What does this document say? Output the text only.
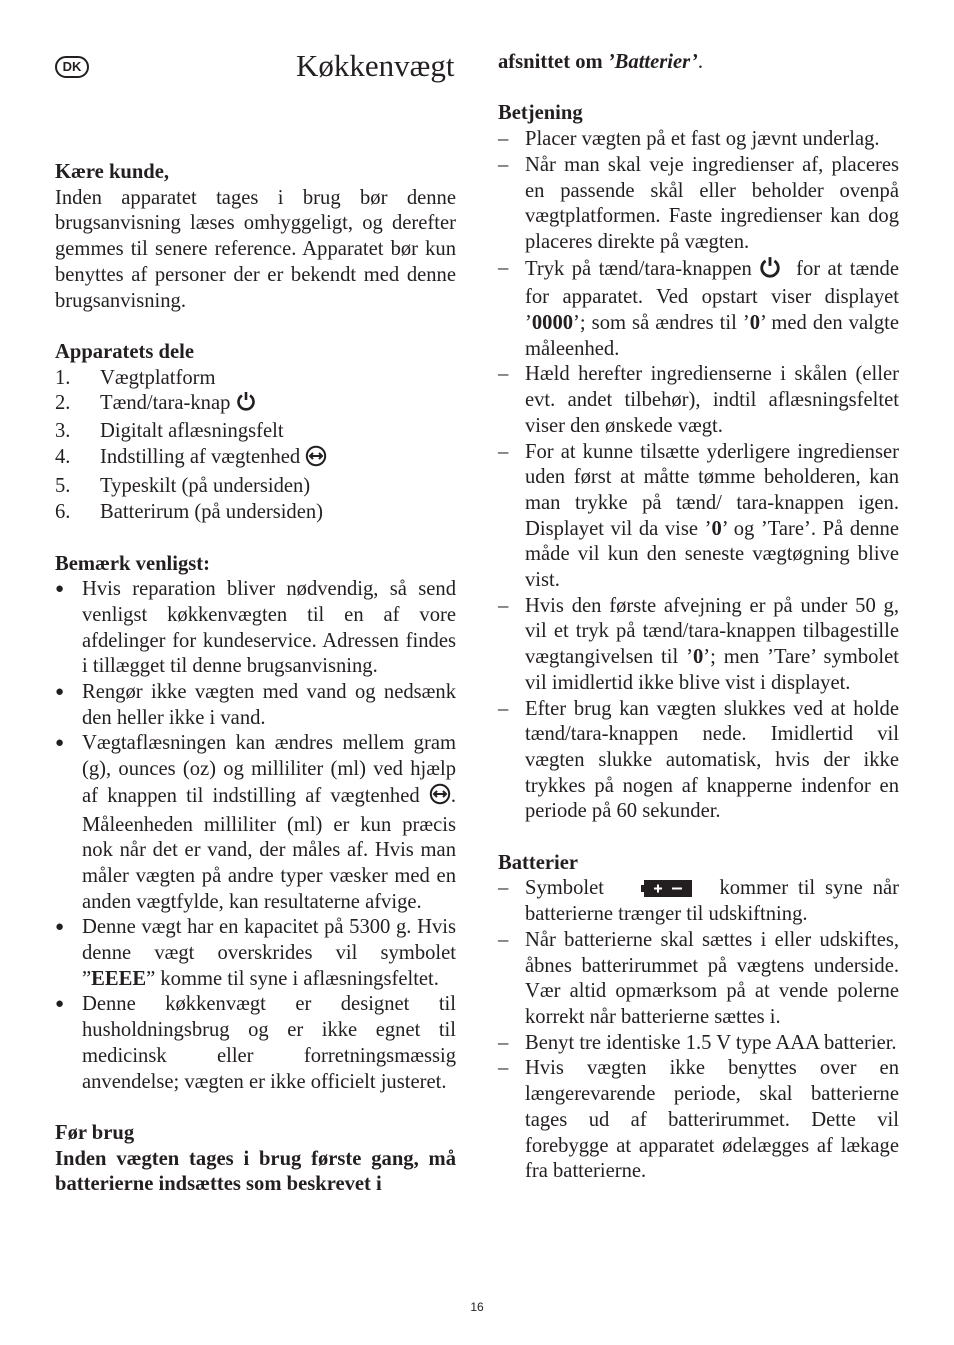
DK	Køkkenvægt

Kære kunde,

Inden apparatet tages i brug bør denne brugsanvisning læses omhyggeligt, og derefter gemmes til senere reference. Apparatet bør kun benyttes af personer der er bekendt med denne brugsanvisning.

Apparatets dele

1.	Vægtplatform
2.	Tænd/tara-knap

3.	Digitalt aflæsningsfelt
4.	Indstilling af vægtenhed

5.	Typeskilt (på undersiden)
6.	Batterirum (på undersiden)

Bemærk venligst:

● Hvis reparation bliver nødvendig, så send venligst køkkenvægten til en af vore afdelinger for kundeservice. Adressen findes i tillægget til denne brugsanvisning.
● Rengør ikke vægten med vand og nedsænk den heller ikke i vand.
● Vægtaflæsningen kan ændres mellem gram (g), ounces (oz) og milliliter (ml) ved hjælp af knappen til indstilling af vægtenhed . Måleenheden milliliter (ml) er kun præcis nok når det er vand, der måles af. Hvis man måler vægten på andre typer væsker med en anden vægtfylde, kan resultaterne afvige.
● Denne vægt har en kapacitet på 5300 g. Hvis denne vægt overskrides vil symbolet ”EEEE” komme til syne i aflæsningsfeltet.
● Denne køkkenvægt er designet til husholdningsbrug og er ikke egnet til medicinsk eller forretningsmæssig anvendelse; vægten er ikke officielt justeret.

Før brug

Inden vægten tages i brug første gang, må batterierne indsættes som beskrevet i

afsnittet om ’Batterier’.

Betjening

– Placer vægten på et fast og jævnt underlag.
– Når man skal veje ingredienser af, placeres en passende skål eller beholder ovenpå vægtplatformen. Faste ingredienser kan dog placeres direkte på vægten.
– Tryk på tænd/tara-knappen for at tænde for apparatet. Ved opstart viser displayet ’0000’; som så ændres til ’0’ med den valgte måleenhed.
– Hæld herefter ingredienserne i skålen (eller evt. andet tilbehør), indtil aflæsningsfeltet viser den ønskede vægt.
– For at kunne tilsætte yderligere ingredienser uden først at måtte tømme beholderen, kan man trykke på tænd/ tara-knappen igen. Displayet vil da vise ’0’ og ’Tare’. På denne måde vil kun den seneste vægtøgning blive vist.
– Hvis den første afvejning er på under 50 g, vil et tryk på tænd/tara-knappen tilbagestille vægtangivelsen til ’0’; men ’Tare’ symbolet vil imidlertid ikke blive vist i displayet.
– Efter brug kan vægten slukkes ved at holde tænd/tara-knappen nede. Imidlertid vil vægten slukke automatisk, hvis der ikke trykkes på nogen af knapperne indenfor en periode på 60 sekunder.

Batterier

– Symbolet	kommer til syne når batterierne trænger til udskiftning.
– Når batterierne skal sættes i eller udskiftes, åbnes batterirummet på vægtens underside. Vær altid opmærksom på at vende polerne korrekt når batterierne sættes i.
– Benyt tre identiske 1.5 V type AAA batterier.
– Hvis vægten ikke benyttes over en længerevarende periode, skal batterierne tages ud af batterirummet. Dette vil forebygge at apparatet ødelægges af lækage fra batterierne.
16
